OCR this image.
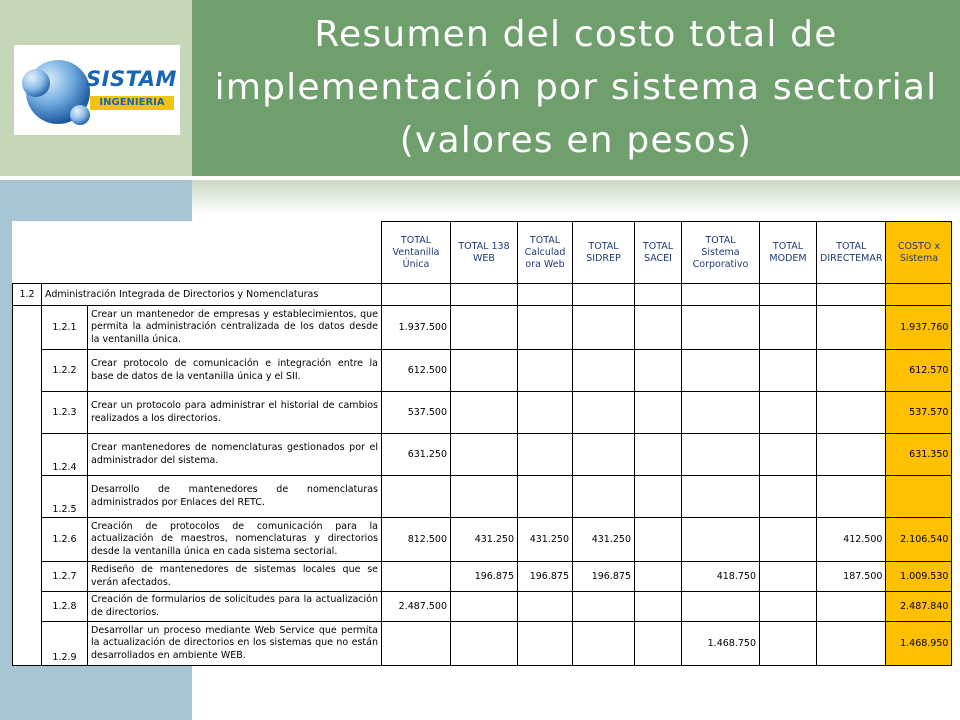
Resumen del costo total de implementación por sistema sectorial (valores en pesos)
SISTAM
INGENIERIA
			TOTAL Ventanilla Única	TOTAL 138 WEB	TOTAL Calculad ora Web	TOTAL SIDREP	TOTAL SACEI	TOTAL Sistema Corporativo	TOTAL MODEM	TOTAL DIRECTEMAR	COSTO x Sistema
1.2	Administración Integrada de Directorios y Nomenclaturas										
	1.2.1	Crear un mantenedor de empresas y establecimientos, que permita la administración centralizada de los datos desde la ventanilla única.	1.937.500								1.937.760
	1.2.2	Crear protocolo de comunicación e integración entre la base de datos de la ventanilla única y el SII.	612.500								612.570
	1.2.3	Crear un protocolo para administrar el historial de cambios realizados a los directorios.	537.500								537.570
	1.2.4	Crear mantenedores de nomenclaturas gestionados por el administrador del sistema.	631.250								631.350
	1.2.5	Desarrollo de mantenedores de nomenclaturas administrados por Enlaces del RETC.									
	1.2.6	Creación de protocolos de comunicación para la actualización de maestros, nomenclaturas y directorios desde la ventanilla única en cada sistema sectorial.	812.500	431.250	431.250	431.250				412.500	2.106.540
	1.2.7	Rediseño de mantenedores de sistemas locales que se verán afectados.		196.875	196.875	196.875		418.750		187.500	1.009.530
	1.2.8	Creación de formularios de solicitudes para la actualización de directorios.	2.487.500								2.487.840
	1.2.9	Desarrollar un proceso mediante Web Service que permita la actualización de directorios en los sistemas que no están desarrollados en ambiente WEB.						1.468.750			1.468.950
